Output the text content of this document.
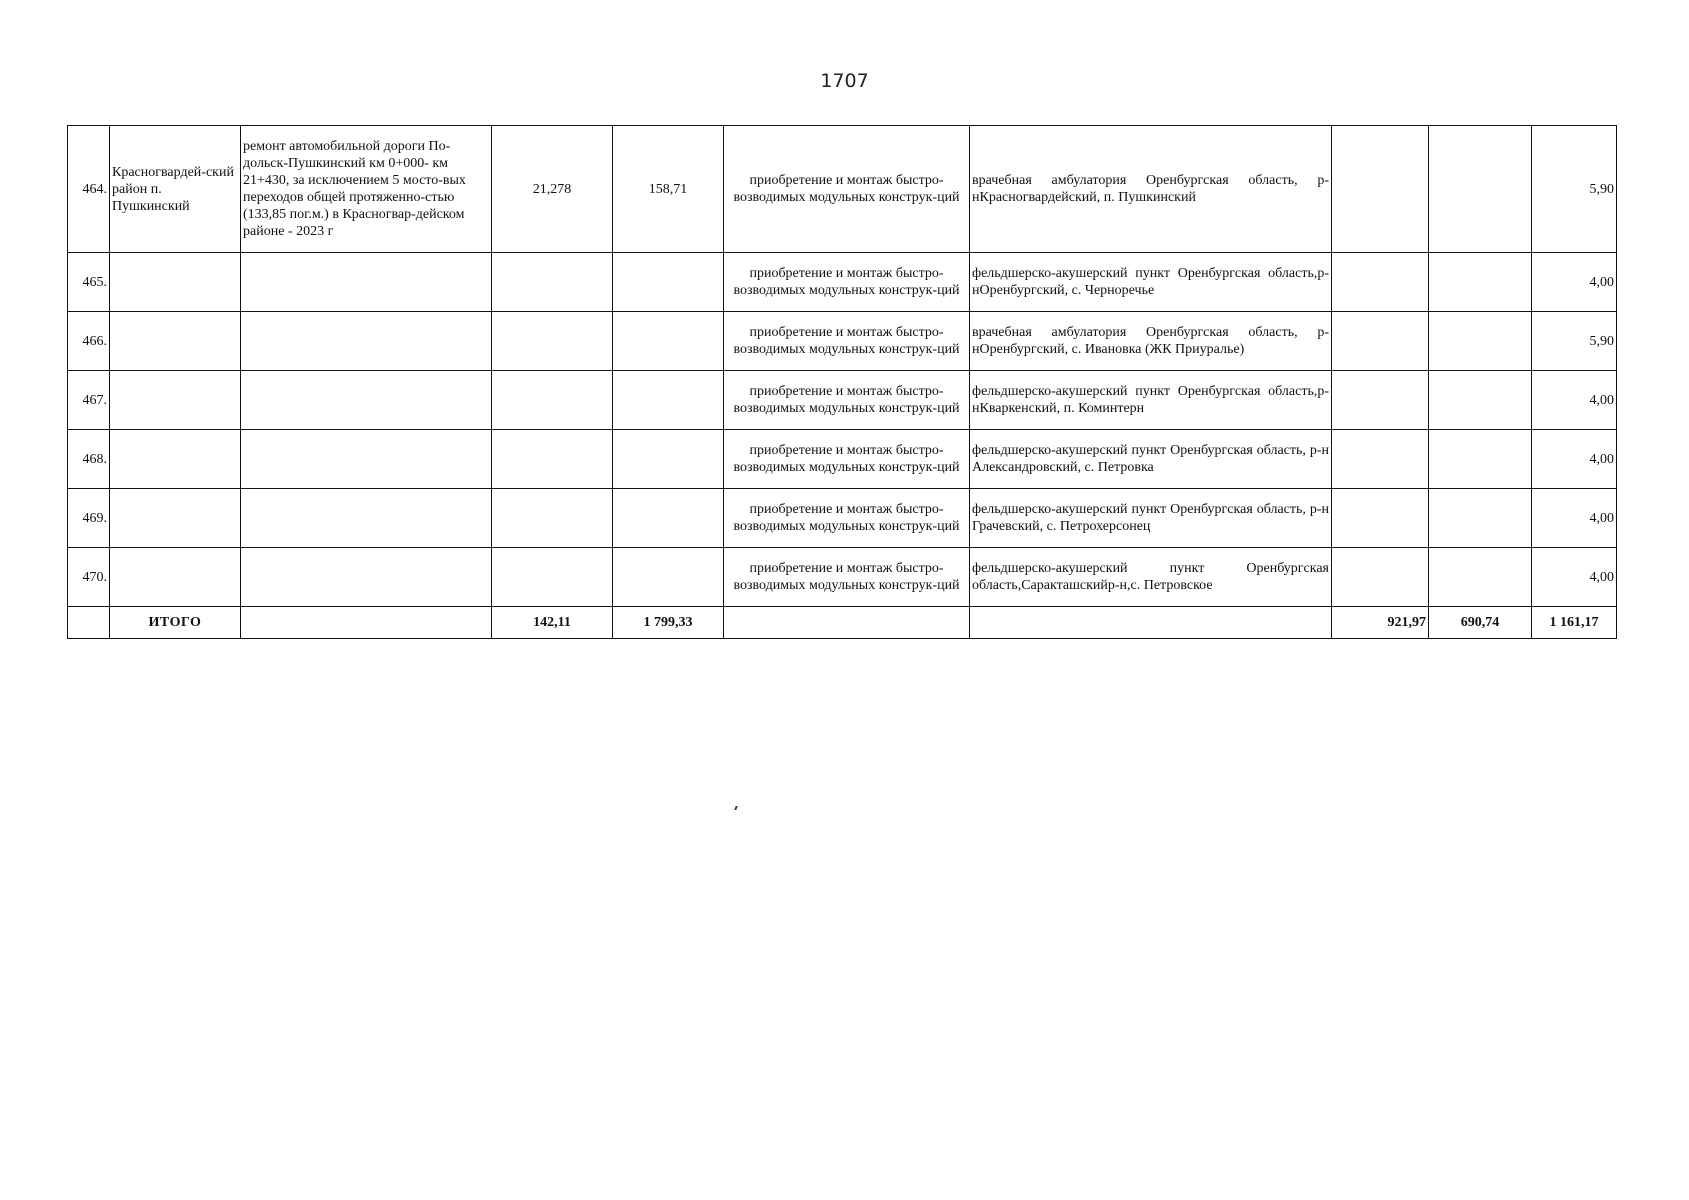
1707
464.	Красногвардей-ский район п. Пушкинский	ремонт автомобильной дороги По-дольск-Пушкинский км 0+000- км 21+430, за исключением 5 мосто-вых переходов общей протяженно-стью (133,85 пог.м.) в Красногвар-дейском районе - 2023 г	21,278	158,71	приобретение и монтаж быстро-возводимых модульных конструк-ций	врачебная амбулатория Оренбургская область, р-нКрасногвардейский, п. Пушкинский			5,90
465.					приобретение и монтаж быстро-возводимых модульных конструк-ций	фельдшерско-акушерский пункт Оренбургская область,р-нОренбургский, с. Черноречье			4,00
466.					приобретение и монтаж быстро-возводимых модульных конструк-ций	врачебная амбулатория Оренбургская область, р-нОренбургский, с. Ивановка (ЖК Приуралье)			5,90
467.					приобретение и монтаж быстро-возводимых модульных конструк-ций	фельдшерско-акушерский пункт Оренбургская область,р-нКваркенский, п. Коминтерн			4,00
468.					приобретение и монтаж быстро-возводимых модульных конструк-ций	фельдшерско-акушерский пункт Оренбургская область, р-н Александровский, с. Петровка			4,00
469.					приобретение и монтаж быстро-возводимых модульных конструк-ций	фельдшерско-акушерский пункт Оренбургская область, р-н Грачевский, с. Петрохерсонец			4,00
470.					приобретение и монтаж быстро-возводимых модульных конструк-ций	фельдшерско-акушерский пункт Оренбургская область,Саракташскийр-н,с. Петровское			4,00
	ИТОГО		142,11	1 799,33			921,97	690,74	1 161,17
